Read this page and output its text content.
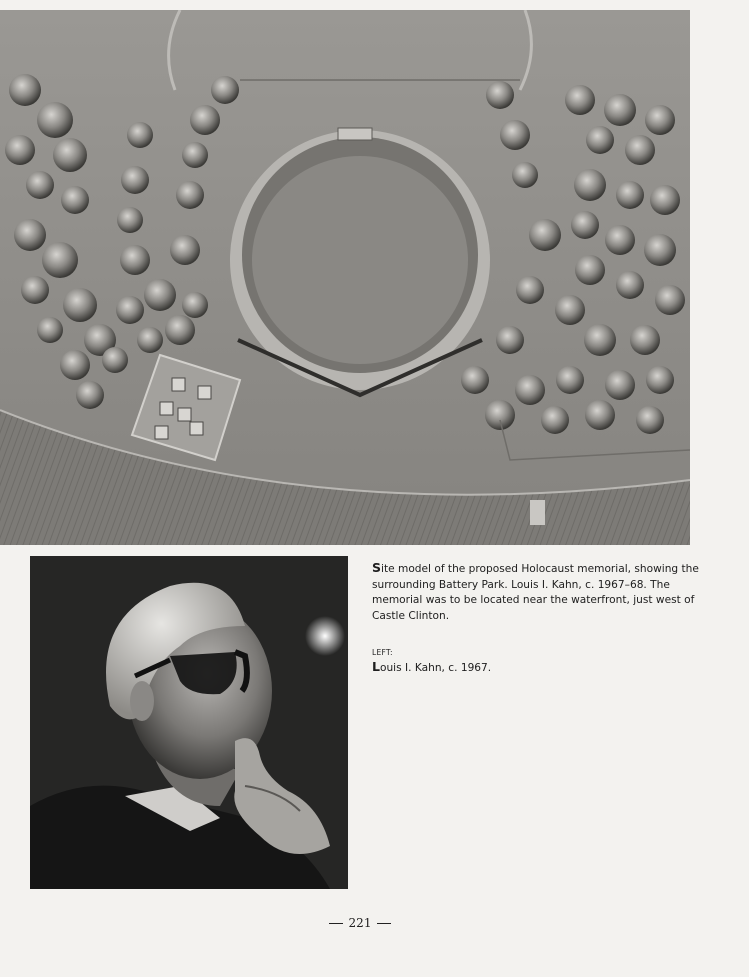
Site model of the proposed Holocaust memorial, showing the surrounding Battery Park. Louis I. Kahn, c. 1967–68. The memorial was to be located near the waterfront, just west of Castle Clinton.
LEFT:
Louis I. Kahn, c. 1967.
221
